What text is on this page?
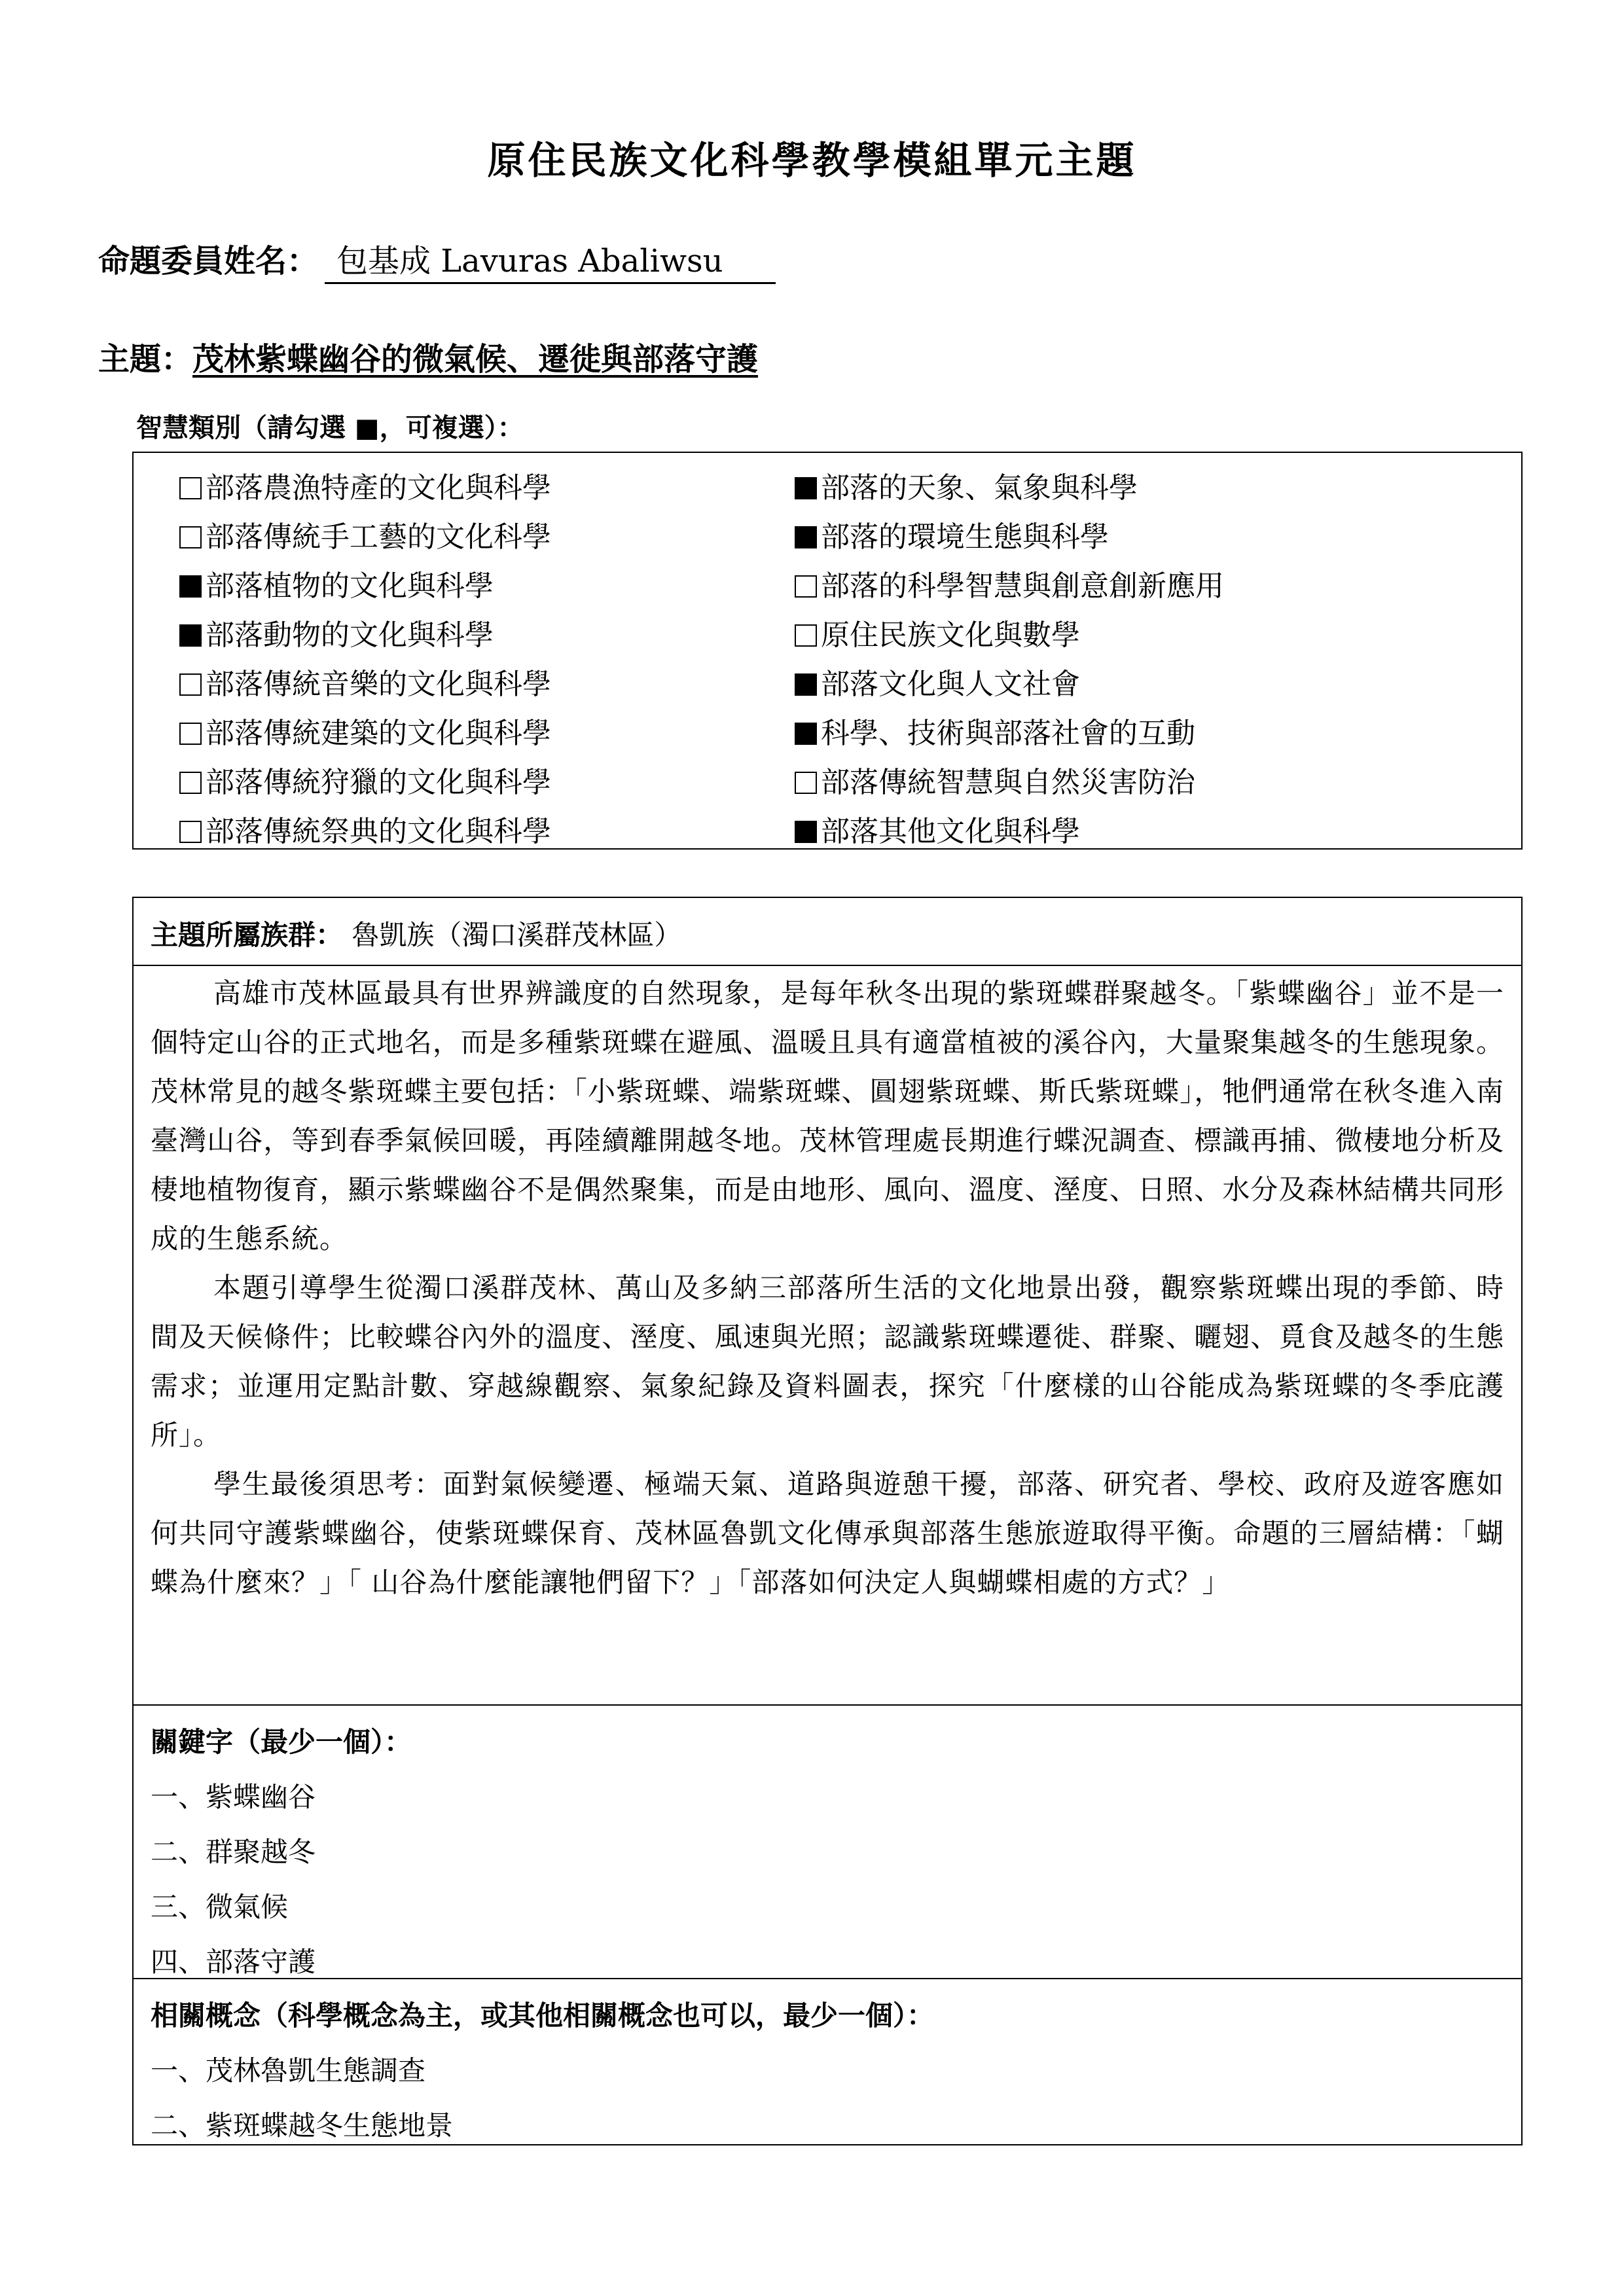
原住民族文化科學教學模組單元主題
命題委員姓名： 包基成 Lavuras Abaliwsu
主題：茂林紫蝶幽谷的微氣候、遷徙與部落守護
智慧類別（請勾選 ■，可複選）：
部落農漁特產的文化與科學
部落傳統手工藝的文化科學
部落植物的文化與科學
部落動物的文化與科學
部落傳統音樂的文化與科學
部落傳統建築的文化與科學
部落傳統狩獵的文化與科學
部落傳統祭典的文化與科學
部落的天象、氣象與科學
部落的環境生態與科學
部落的科學智慧與創意創新應用
原住民族文化與數學
部落文化與人文社會
科學、技術與部落社會的互動
部落傳統智慧與自然災害防治
部落其他文化與科學
主題所屬族群： 魯凱族（濁口溪群茂林區）

高雄市茂林區最具有世界辨識度的自然現象，是每年秋冬出現的紫斑蝶群聚越冬。「紫蝶幽谷」並不是一個特定山谷的正式地名，而是多種紫斑蝶在避風、溫暖且具有適當植被的溪谷內，大量聚集越冬的生態現象。茂林常見的越冬紫斑蝶主要包括：「小紫斑蝶、端紫斑蝶、圓翅紫斑蝶、斯氏紫斑蝶」，牠們通常在秋冬進入南臺灣山谷，等到春季氣候回暖，再陸續離開越冬地。茂林管理處長期進行蝶況調查、標識再捕、微棲地分析及棲地植物復育，顯示紫蝶幽谷不是偶然聚集，而是由地形、風向、溫度、溼度、日照、水分及森林結構共同形成的生態系統。

本題引導學生從濁口溪群茂林、萬山及多納三部落所生活的文化地景出發，觀察紫斑蝶出現的季節、時間及天候條件；比較蝶谷內外的溫度、溼度、風速與光照；認識紫斑蝶遷徙、群聚、曬翅、覓食及越冬的生態需求；並運用定點計數、穿越線觀察、氣象紀錄及資料圖表，探究「什麼樣的山谷能成為紫斑蝶的冬季庇護所」。

學生最後須思考：面對氣候變遷、極端天氣、道路與遊憩干擾，部落、研究者、學校、政府及遊客應如何共同守護紫蝶幽谷，使紫斑蝶保育、茂林區魯凱文化傳承與部落生態旅遊取得平衡。命題的三層結構：「蝴蝶為什麼來？」「 山谷為什麼能讓牠們留下？」「部落如何決定人與蝴蝶相處的方式？」

關鍵字（最少一個）：
一、紫蝶幽谷
二、群聚越冬
三、微氣候
四、部落守護
相關概念（科學概念為主，或其他相關概念也可以，最少一個）：
一、茂林魯凱生態調查
二、紫斑蝶越冬生態地景
